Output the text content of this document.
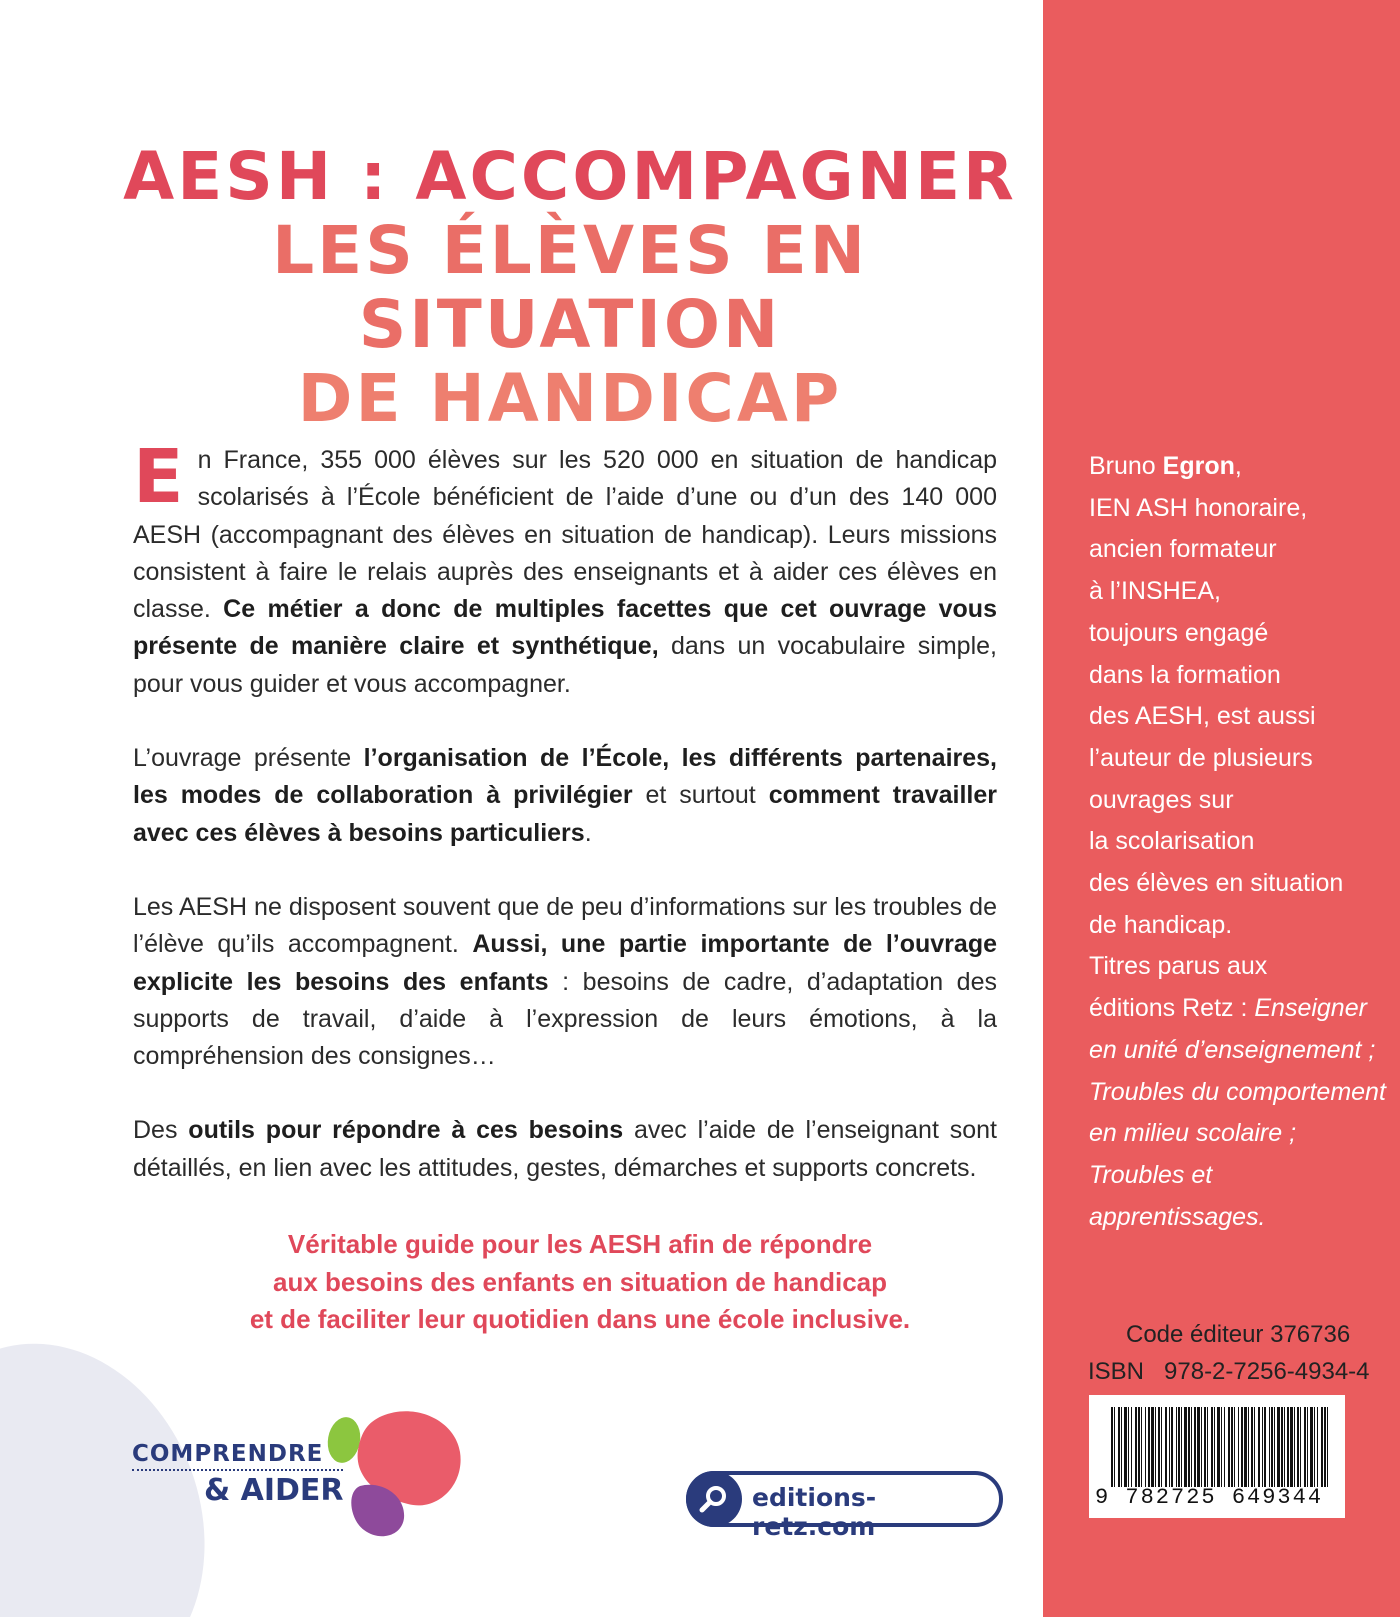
AESH : ACCOMPAGNER
LES ÉLÈVES EN SITUATION
DE HANDICAP

En France, 355 000 élèves sur les 520 000 en situation de handicap scolarisés à l’École bénéficient de l’aide d’une ou d’un des 140 000 AESH (accompagnant des élèves en situation de handicap). Leurs missions consistent à faire le relais auprès des enseignants et à aider ces élèves en classe. Ce métier a donc de multiples facettes que cet ouvrage vous présente de manière claire et synthétique, dans un vocabulaire simple, pour vous guider et vous accompagner.

L’ouvrage présente l’organisation de l’École, les différents partenaires, les modes de collaboration à privilégier et surtout comment travailler avec ces élèves à besoins particuliers.

Les AESH ne disposent souvent que de peu d’informations sur les troubles de l’élève qu’ils accompagnent. Aussi, une partie importante de l’ouvrage explicite les besoins des enfants : besoins de cadre, d’adaptation des supports de travail, d’aide à l’expression de leurs émotions, à la compréhension des consignes…

Des outils pour répondre à ces besoins avec l’aide de l’enseignant sont détaillés, en lien avec les attitudes, gestes, démarches et supports concrets.

Véritable guide pour les AESH afin de répondre
aux besoins des enfants en situation de handicap
et de faciliter leur quotidien dans une école inclusive.
COMPRENDRE
& AIDER	editions-retz.com
Bruno Egron,
IEN ASH honoraire,
ancien formateur
à l’INSHEA,
toujours engagé
dans la formation
des AESH, est aussi
l’auteur de plusieurs
ouvrages sur
la scolarisation
des élèves en situation
de handicap.
Titres parus aux
éditions Retz : Enseigner
en unité d’enseignement ;
Troubles du comportement
en milieu scolaire ;
Troubles et apprentissages.
Code éditeur 376736
ISBN   978-2-7256-4934-4
9 782725 649344
